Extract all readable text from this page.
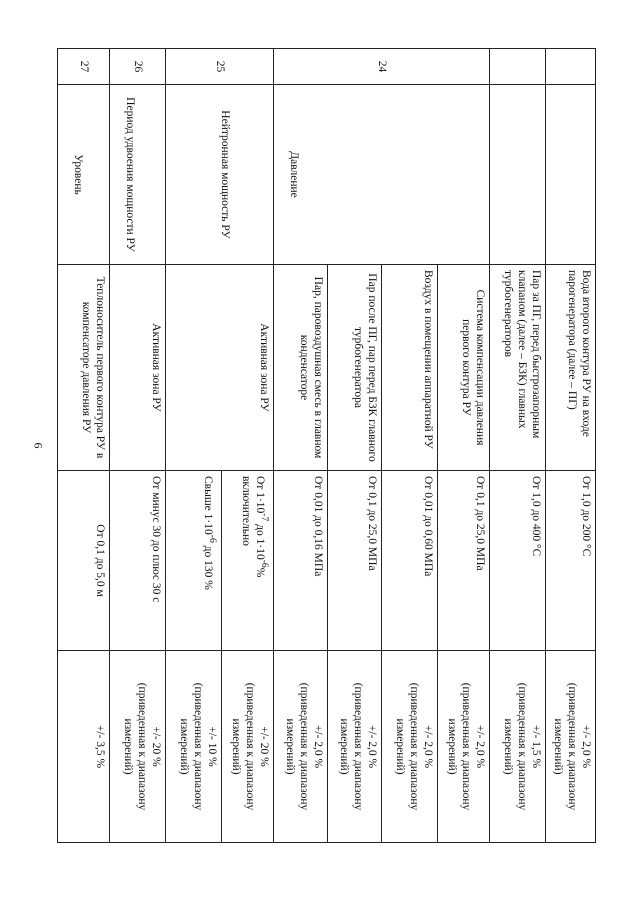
6
		Вода второго контура РУ на входе парогенератора (далее – ПГ)	От 1,0 до 200 °С	+/- 2,0 %
(приведенная к диапазону измерений)

		Пар за ПГ, перед быстрозапорным клапаном (далее – БЗК) главных турбогенераторов	От 1,0 до 400 °С	+/- 1,5 %
(приведенная к диапазону измерений)

24	Давление	Система компенсации давления первого контура РУ	От 0,1 до 25,0 МПа	+/- 2,0 %
(приведенная к диапазону измерений)

		Воздух в помещении аппаратной РУ	От 0,01 до 0,60 МПа	+/- 2,0 %
(приведенная к диапазону измерений)

		Пар после ПГ, пар перед БЗК главного турбогенератора	От 0,1 до 25,0 МПа	+/- 2,0 %
(приведенная к диапазону измерений)

		Пар, паровоздушная смесь в главном конденсаторе	От 0,01 до 0,16 МПа	+/- 2,0 %
(приведенная к диапазону измерений)

25	Нейтронная мощность РУ	Активная зона РУ	От $1\cdot 10^{-7}$ до $1\cdot 10^{-6}\%$ включительно	+/- 20 %
(приведенная к диапазону измерений)

			Свыше $1\cdot 10^{-6}$ до 130 %	+/- 10 %
(приведенная к диапазону измерений)

26	Период удвоения мощности РУ	Активная зона РУ	От минус 30 до плюс 30 с	+/- 20 %
(приведенная к диапазону измерений)

27	Уровень	Теплоноситель первого контура РУ в компенсаторе давления РУ	От 0,1 до 5,0 м	+/- 3,5 %
